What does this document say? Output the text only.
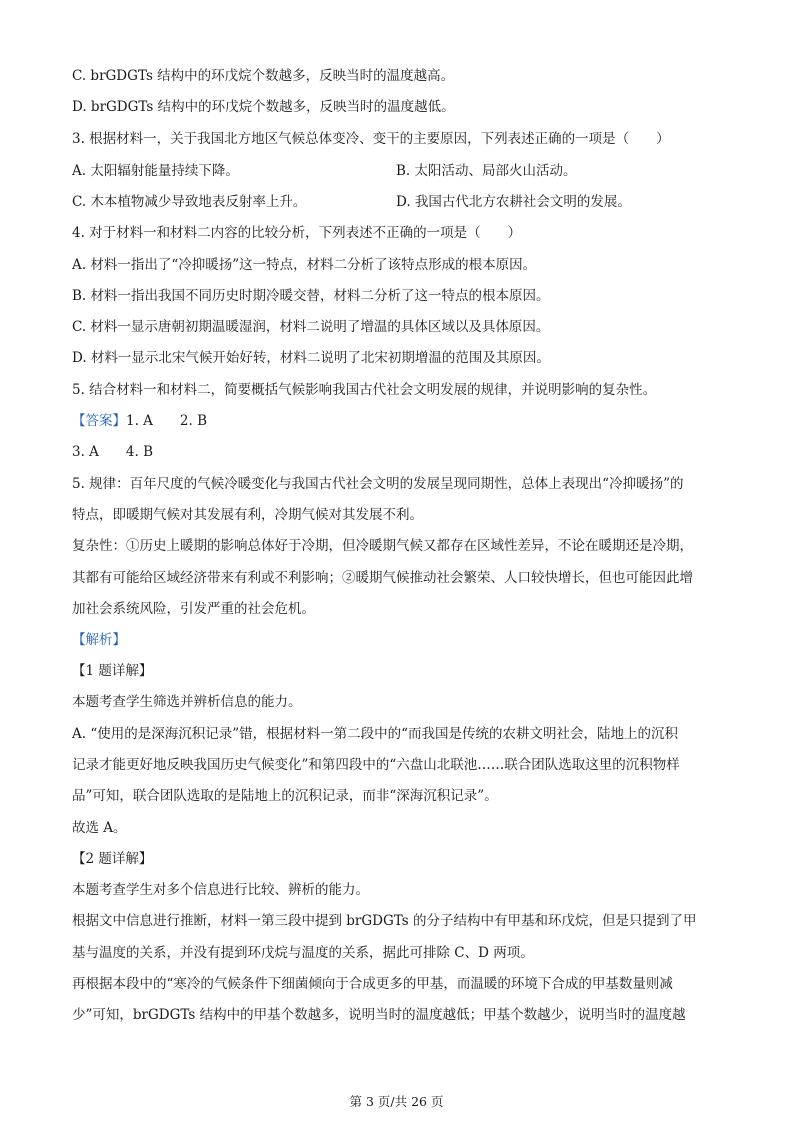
C. brGDGTs 结构中的环戊烷个数越多，反映当时的温度越高。
D. brGDGTs 结构中的环戊烷个数越多，反映当时的温度越低。
3. 根据材料一，关于我国北方地区气候总体变冷、变干的主要原因，下列表述正确的一项是（　　）
A. 太阳辐射能量持续下降。	B. 太阳活动、局部火山活动。
C. 木本植物减少导致地表反射率上升。	D. 我国古代北方农耕社会文明的发展。
4. 对于材料一和材料二内容的比较分析，下列表述不正确的一项是（　　）
A. 材料一指出了“冷抑暖扬”这一特点，材料二分析了该特点形成的根本原因。
B. 材料一指出我国不同历史时期冷暖交替，材料二分析了这一特点的根本原因。
C. 材料一显示唐朝初期温暖湿润，材料二说明了增温的具体区域以及具体原因。
D. 材料一显示北宋气候开始好转，材料二说明了北宋初期增温的范围及其原因。
5. 结合材料一和材料二，简要概括气候影响我国古代社会文明发展的规律，并说明影响的复杂性。
【答案】1. A　　2. B
3. A　　4. B
5. 规律：百年尺度的气候冷暖变化与我国古代社会文明的发展呈现同期性，总体上表现出“冷抑暖扬”的
特点，即暖期气候对其发展有利，冷期气候对其发展不利。
复杂性：①历史上暖期的影响总体好于冷期，但冷暖期气候又都存在区域性差异，不论在暖期还是冷期，
其都有可能给区域经济带来有利或不利影响；②暖期气候推动社会繁荣、人口较快增长，但也可能因此增
加社会系统风险，引发严重的社会危机。
【解析】
【1 题详解】
本题考查学生筛选并辨析信息的能力。
A. “使用的是深海沉积记录”错，根据材料一第二段中的“而我国是传统的农耕文明社会，陆地上的沉积
记录才能更好地反映我国历史气候变化”和第四段中的“六盘山北联池……联合团队选取这里的沉积物样
品”可知，联合团队选取的是陆地上的沉积记录，而非“深海沉积记录”。
故选 A。
【2 题详解】
本题考查学生对多个信息进行比较、辨析的能力。
根据文中信息进行推断，材料一第三段中提到 brGDGTs 的分子结构中有甲基和环戊烷，但是只提到了甲
基与温度的关系，并没有提到环戊烷与温度的关系，据此可排除 C、D 两项。
再根据本段中的“寒冷的气候条件下细菌倾向于合成更多的甲基，而温暖的环境下合成的甲基数量则减
少”可知，brGDGTs 结构中的甲基个数越多，说明当时的温度越低；甲基个数越少，说明当时的温度越
第 3 页/共 26 页
